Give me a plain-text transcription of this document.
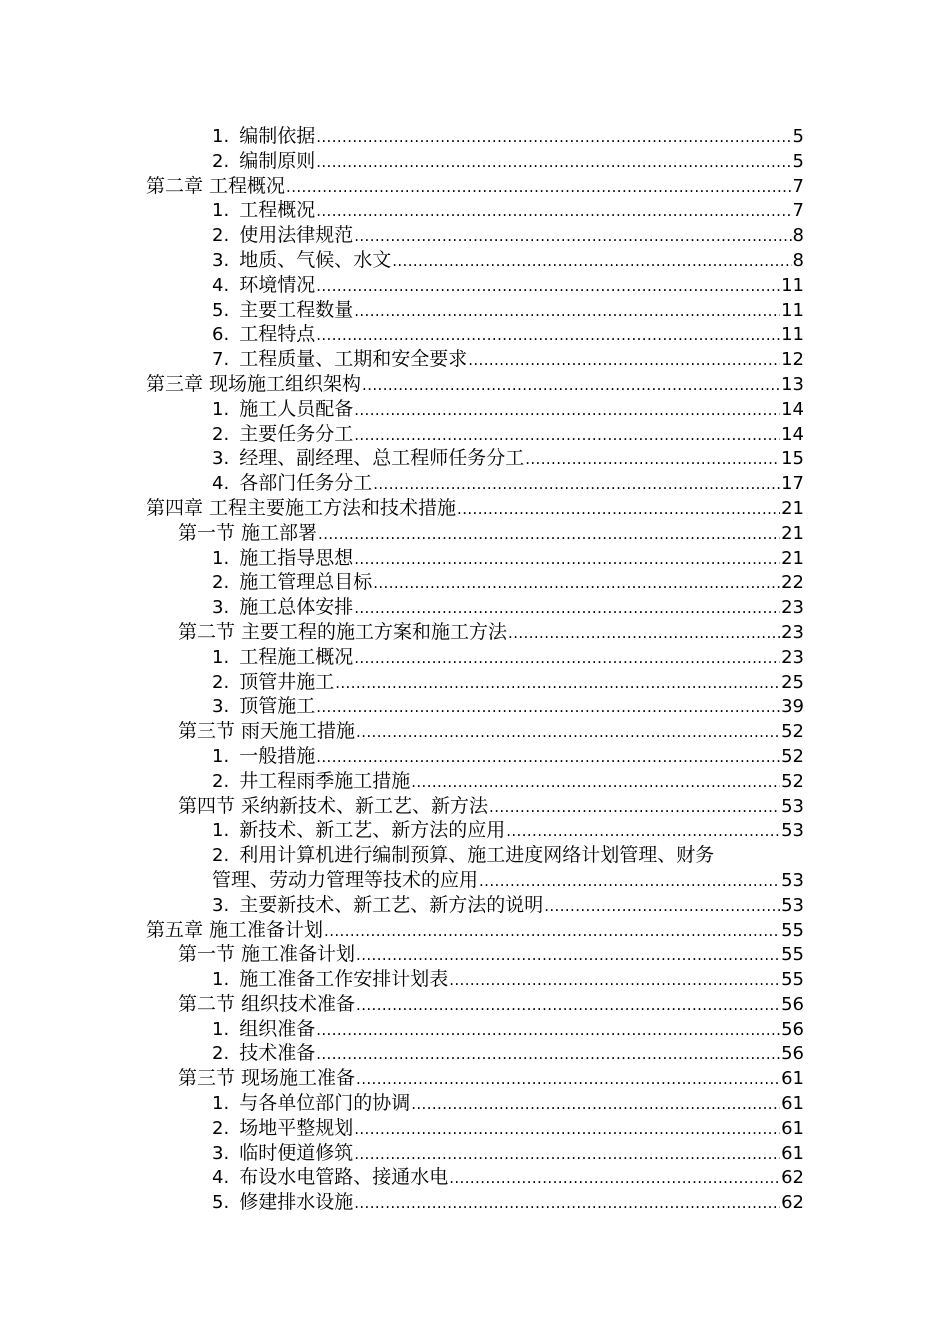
1. 编制依据 .....	5
2. 编制原则 .....	5
第二章 工程概况 .....	7
1. 工程概况 .....	7
2. 使用法律规范 .....	8
3. 地质、气候、水文 .....	8
4. 环境情况 .....	11
5. 主要工程数量 .....	11
6. 工程特点 .....	11
7. 工程质量、工期和安全要求 .....	12
第三章 现场施工组织架构 .....	13
1. 施工人员配备 .....	14
2. 主要任务分工 .....	14
3. 经理、副经理、总工程师任务分工 .....	15
4. 各部门任务分工 .....	17
第四章 工程主要施工方法和技术措施 .....	21
第一节 施工部署 .....	21
1. 施工指导思想 .....	21
2. 施工管理总目标 .....	22
3. 施工总体安排 .....	23
第二节 主要工程的施工方案和施工方法 .....	23
1. 工程施工概况 .....	23
2. 顶管井施工 .....	25
3. 顶管施工 .....	39
第三节 雨天施工措施 .....	52
1. 一般措施 .....	52
2. 井工程雨季施工措施 .....	52
第四节 采纳新技术、新工艺、新方法 .....	53
1. 新技术、新工艺、新方法的应用 .....	53
2. 利用计算机进行编制预算、施工进度网络计划管理、财务
管理、劳动力管理等技术的应用 .....	53
3. 主要新技术、新工艺、新方法的说明 .....	53
第五章 施工准备计划 .....	55
第一节 施工准备计划 .....	55
1. 施工准备工作安排计划表 .....	55
第二节 组织技术准备 .....	56
1. 组织准备 .....	56
2. 技术准备 .....	56
第三节 现场施工准备 .....	61
1. 与各单位部门的协调 .....	61
2. 场地平整规划 .....	61
3. 临时便道修筑 .....	61
4. 布设水电管路、接通水电 .....	62
5. 修建排水设施 .....	62
